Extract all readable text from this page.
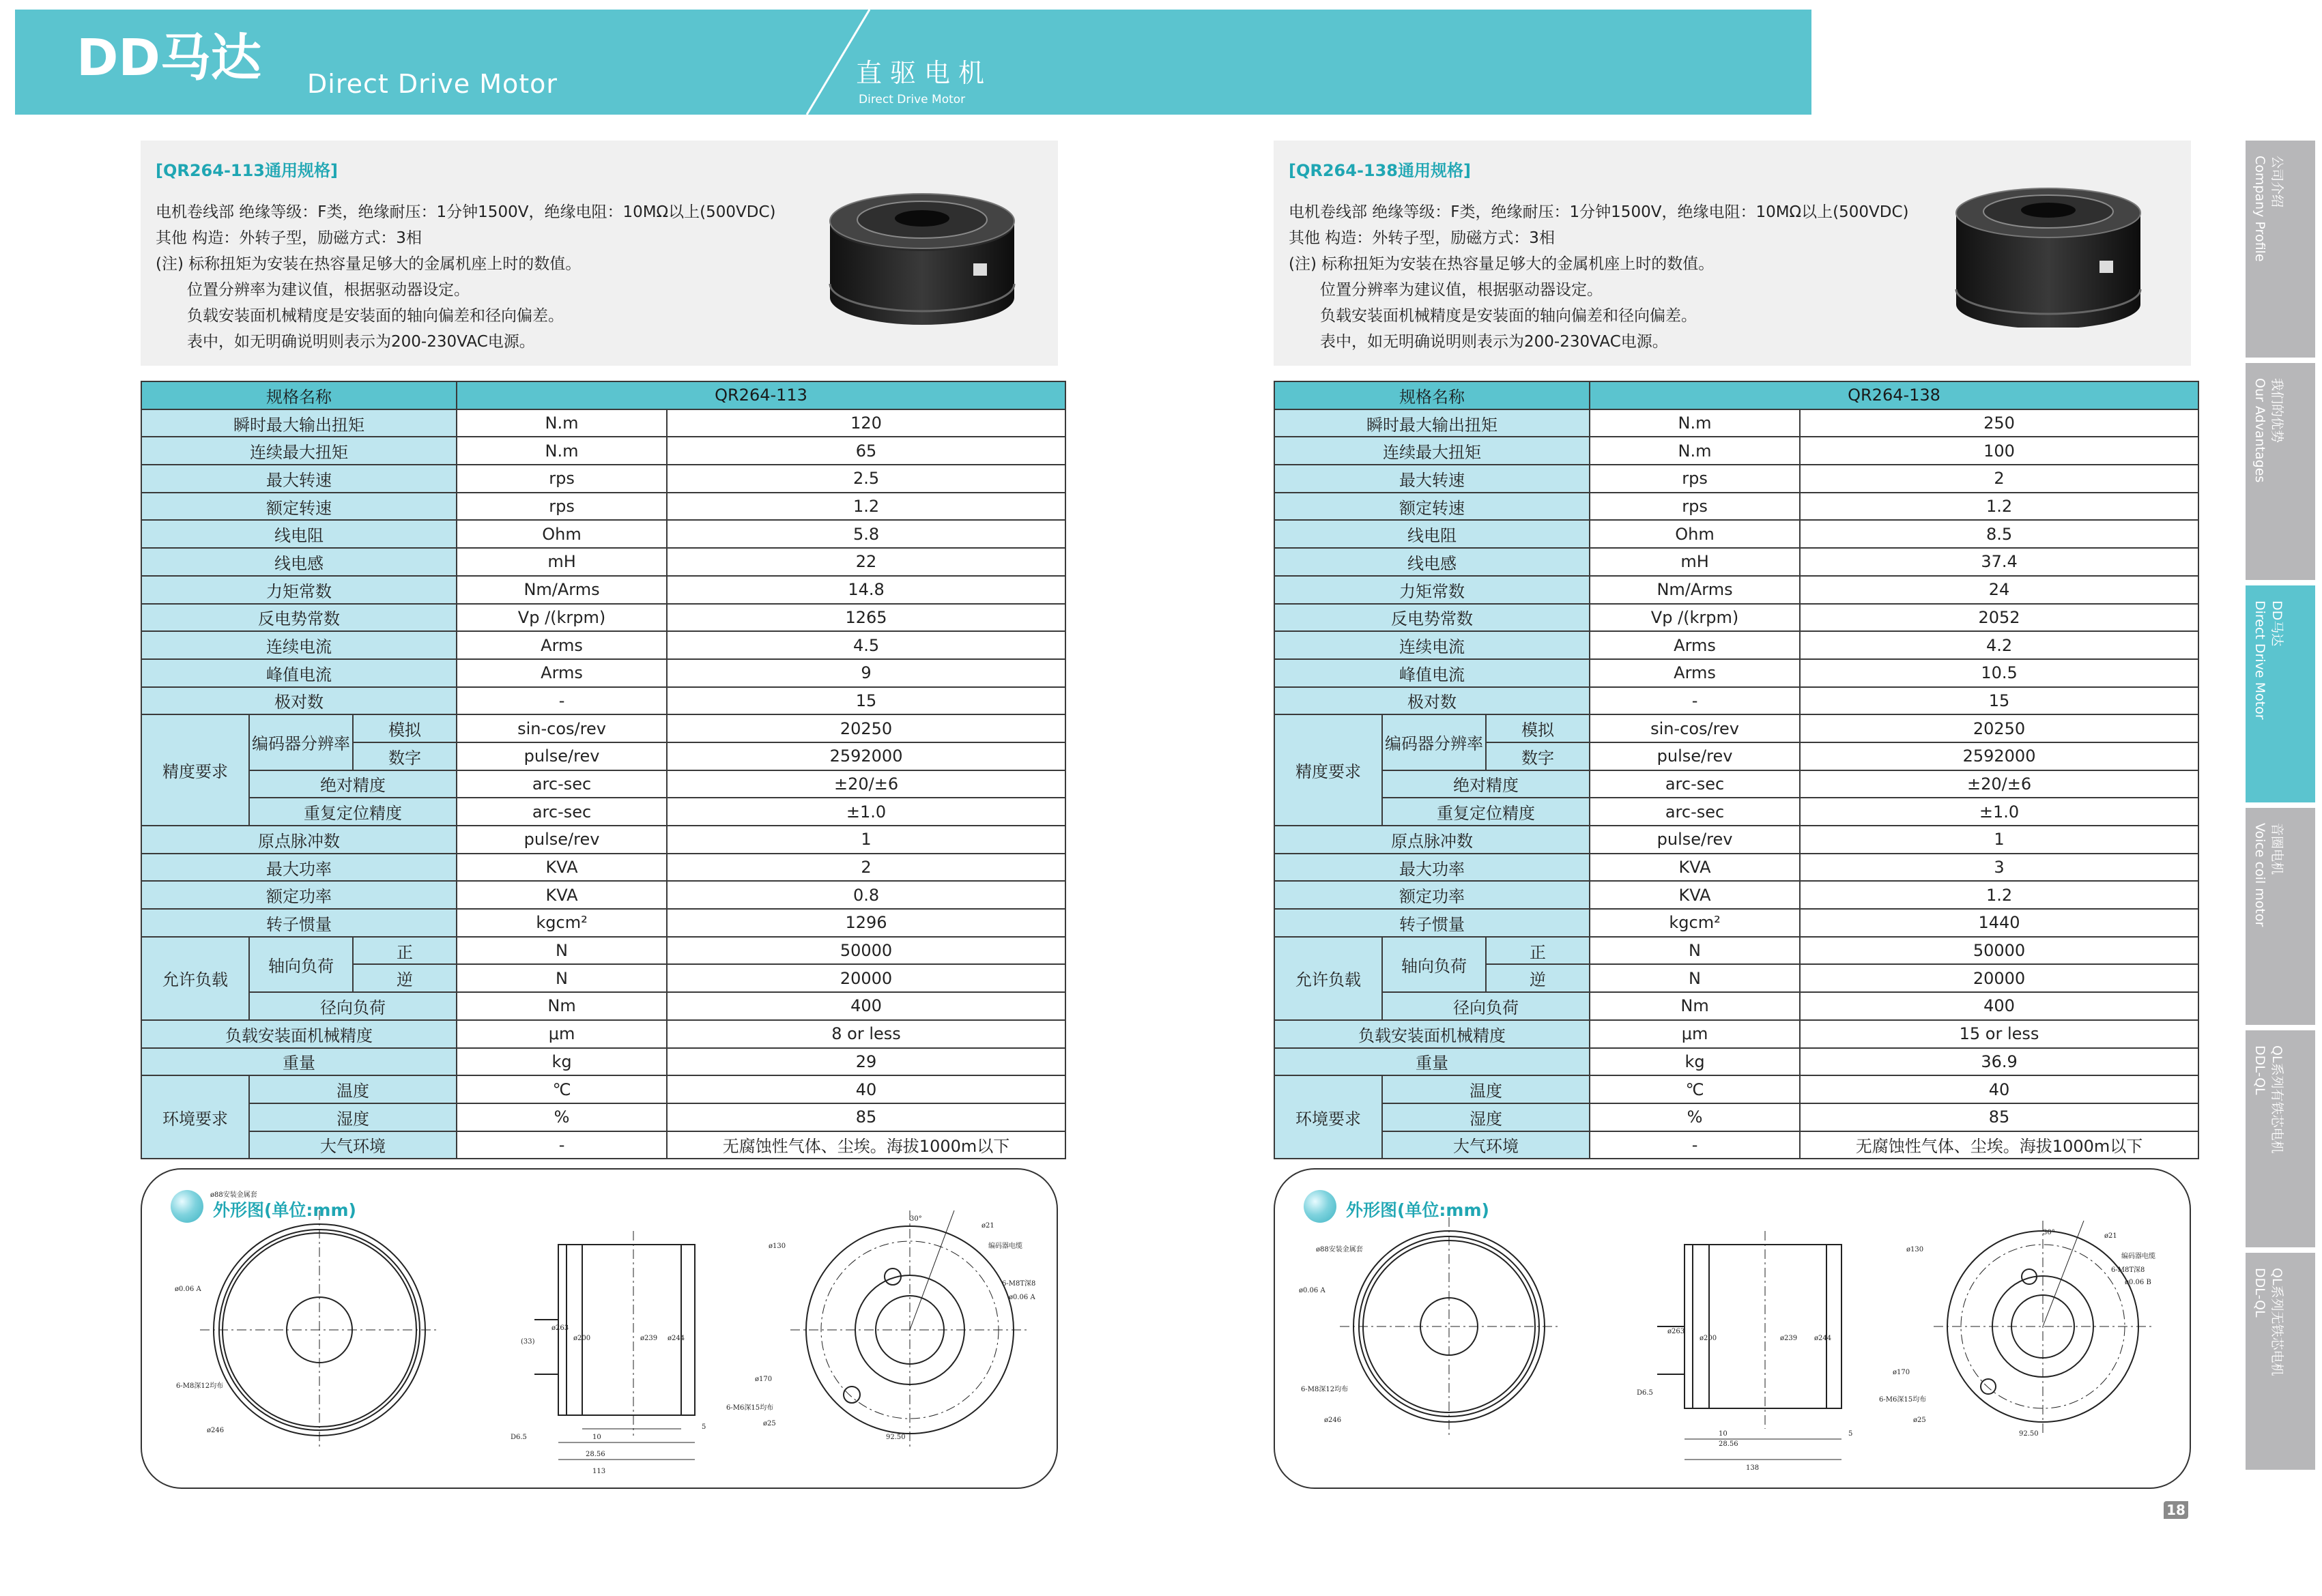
DD马达 Direct Drive Motor	直驱电机
Direct Drive Motor
公司介绍
Company Profile
我们的优势
Our Advantages
DD马达
Direct Drive Motor
音圈电机
Voice coil motor
QL系列有铁芯电机
DDL-QL
QL系列无铁芯电机
DDL-QL
[QR264-113通用规格]
电机卷线部 绝缘等级：F类，绝缘耐压：1分钟1500V，绝缘电阻：10MΩ以上(500VDC)
其他 构造：外转子型，励磁方式：3相
(注) 标称扭矩为安装在热容量足够大的金属机座上时的数值。
位置分辨率为建议值，根据驱动器设定。
负载安装面机械精度是安装面的轴向偏差和径向偏差。
表中，如无明确说明则表示为200-230VAC电源。
[QR264-138通用规格]
电机卷线部 绝缘等级：F类，绝缘耐压：1分钟1500V，绝缘电阻：10MΩ以上(500VDC)
其他 构造：外转子型，励磁方式：3相
(注) 标称扭矩为安装在热容量足够大的金属机座上时的数值。
位置分辨率为建议值，根据驱动器设定。
负载安装面机械精度是安装面的轴向偏差和径向偏差。
表中，如无明确说明则表示为200-230VAC电源。
规格名称			QR264-113	
瞬时最大输出扭矩			N.m	120
连续最大扭矩			N.m	65
最大转速			rps	2.5
额定转速			rps	1.2
线电阻			Ohm	5.8
线电感			mH	22
力矩常数			Nm/Arms	14.8
反电势常数			Vp /(krpm)	1265
连续电流			Arms	4.5
峰值电流			Arms	9
极对数			-	15
精度要求	编码器分辨率	模拟	sin-cos/rev	20250
		数字	pulse/rev	2592000
	绝对精度		arc-sec	±20/±6
	重复定位精度		arc-sec	±1.0
原点脉冲数			pulse/rev	1
最大功率			KVA	2
额定功率			KVA	0.8
转子惯量			kgcm²	1296
允许负载	轴向负荷	正	N	50000
		逆	N	20000
	径向负荷		Nm	400
负载安装面机械精度			μm	8 or less
重量			kg	29
环境要求	温度		℃	40
	湿度		%	85
	大气环境		-	无腐蚀性气体、尘埃。海拔1000m以下
规格名称			QR264-138	
瞬时最大输出扭矩			N.m	250
连续最大扭矩			N.m	100
最大转速			rps	2
额定转速			rps	1.2
线电阻			Ohm	8.5
线电感			mH	37.4
力矩常数			Nm/Arms	24
反电势常数			Vp /(krpm)	2052
连续电流			Arms	4.2
峰值电流			Arms	10.5
极对数			-	15
精度要求	编码器分辨率	模拟	sin-cos/rev	20250
		数字	pulse/rev	2592000
	绝对精度		arc-sec	±20/±6
	重复定位精度		arc-sec	±1.0
原点脉冲数			pulse/rev	1
最大功率			KVA	3
额定功率			KVA	1.2
转子惯量			kgcm²	1440
允许负载	轴向负荷	正	N	50000
		逆	N	20000
	径向负荷		Nm	400
负载安装面机械精度			μm	15 or less
重量			kg	36.9
环境要求	温度		℃	40
	湿度		%	85
	大气环境		-	无腐蚀性气体、尘埃。海拔1000m以下
外形图(单位:mm)
ø88安装金属套
6-M8深12均布
ø246
ø0.06 A
ø263
ø200	ø239 ø244
(33)
D6.5	10
28.56
113
5
ø130
ø21
30°
ø170
6-M6深15均布
ø25
92.50
编码器电缆
6-M8T深8
ø0.06 A
外形图(单位:mm)
ø88安装金属套
6-M8深12均布
ø246
ø0.06 A
ø263
ø200	ø239 ø244
D6.5
10
28.56
138
5
ø130
ø21
30°
ø170
6-M6深15均布
ø25
92.50
编码器电缆
6-M8T深8
ø0.06 B
18
